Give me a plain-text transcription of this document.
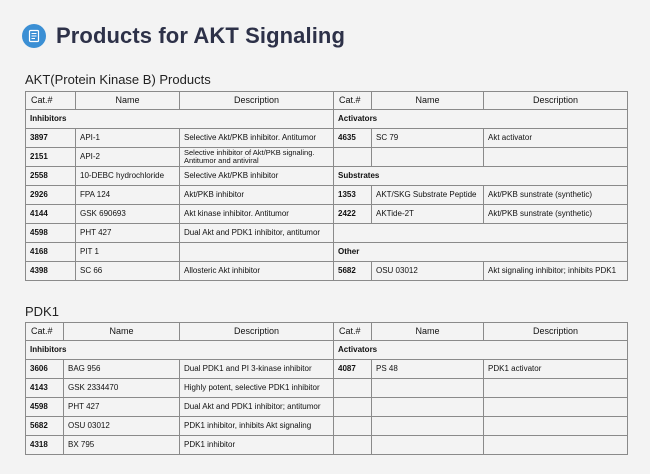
Products for AKT Signaling
AKT(Protein Kinase B) Products
Cat.#	Name	Description	Cat.#	Name	Description
Inhibitors			Activators		
3897	API-1	Selective Akt/PKB inhibitor. Antitumor	4635	SC 79	Akt activator
2151	API-2	Selective inhibitor of Akt/PKB signaling. Antitumor and antiviral			
2558	10-DEBC hydrochloride	Selective Akt/PKB inhibitor	Substrates		
2926	FPA 124	Akt/PKB inhibitor	1353	AKT/SKG Substrate Peptide	Akt/PKB sunstrate (synthetic)
4144	GSK 690693	Akt kinase inhibitor. Antitumor	2422	AKTide-2T	Akt/PKB sunstrate (synthetic)
4598	PHT 427	Dual Akt and PDK1 inhibitor, antitumor			
4168	PIT 1		Other		
4398	SC 66	Allosteric Akt inhibitor	5682	OSU 03012	Akt signaling inhibitor; inhibits PDK1
PDK1
Cat.#	Name	Description	Cat.#	Name	Description
Inhibitors			Activators		
3606	BAG 956	Dual PDK1 and PI 3-kinase inhibitor	4087	PS 48	PDK1 activator
4143	GSK 2334470	Highly potent, selective PDK1 inhibitor			
4598	PHT 427	Dual Akt and PDK1 inhibitor; antitumor			
5682	OSU 03012	PDK1 inhibitor, inhibits Akt signaling			
4318	BX 795	PDK1 inhibitor			
